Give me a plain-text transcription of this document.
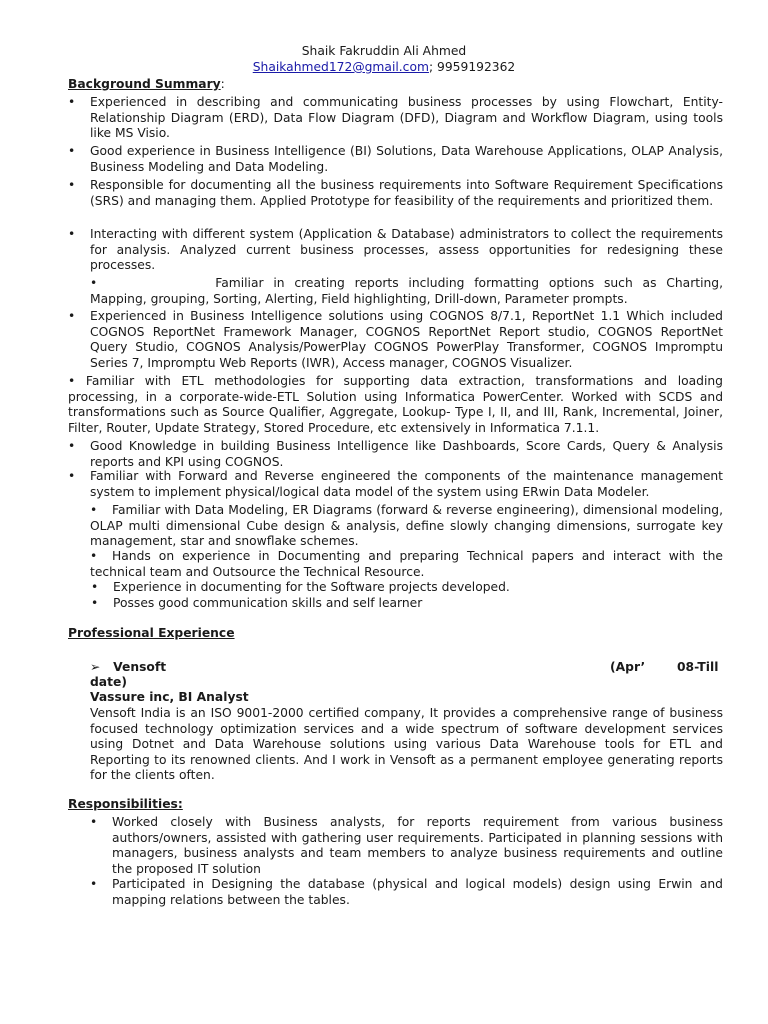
Shaik Fakruddin Ali Ahmed
Shaikahmed172@gmail.com; 9959192362
Background Summary:
•	Experienced in describing and communicating business processes by using Flowchart, Entity-Relationship Diagram (ERD), Data Flow Diagram (DFD), Diagram and Workflow Diagram, using tools like MS Visio.
•	Good experience in Business Intelligence (BI) Solutions, Data Warehouse Applications, OLAP Analysis, Business Modeling and Data Modeling.
•	Responsible for documenting all the business requirements into Software Requirement Specifications (SRS) and managing them. Applied Prototype for feasibility of the requirements and prioritized them.
•	Interacting with different system (Application & Database) administrators to collect the requirements for analysis. Analyzed current business processes, assess opportunities for redesigning these processes.
•	Familiar in creating reports including formatting options such as Charting, Mapping, grouping, Sorting, Alerting, Field highlighting, Drill-down, Parameter prompts.
•	Experienced in Business Intelligence solutions using COGNOS 8/7.1, ReportNet 1.1 Which included COGNOS ReportNet Framework Manager, COGNOS ReportNet Report studio, COGNOS ReportNet Query Studio, COGNOS Analysis/PowerPlay COGNOS PowerPlay Transformer, COGNOS Impromptu Series 7, Impromptu Web Reports (IWR), Access manager, COGNOS Visualizer.
• Familiar with ETL methodologies for supporting data extraction, transformations and loading processing, in a corporate-wide-ETL Solution using Informatica PowerCenter. Worked with SCDS and transformations such as Source Qualifier, Aggregate, Lookup- Type I, II, and III, Rank, Incremental, Joiner, Filter, Router, Update Strategy, Stored Procedure, etc extensively in Informatica 7.1.1.
•	Good Knowledge in building Business Intelligence like Dashboards, Score Cards, Query & Analysis reports and KPI using COGNOS.
•	Familiar with Forward and Reverse engineered the components of the maintenance management system to implement physical/logical data model of the system using ERwin Data Modeler.
• Familiar with Data Modeling, ER Diagrams (forward & reverse engineering), dimensional modeling, OLAP multi dimensional Cube design & analysis, define slowly changing dimensions, surrogate key management, star and snowflake schemes.
• Hands on experience in Documenting and preparing Technical papers and interact with the technical team and Outsource the Technical Resource.
•	Experience in documenting for the Software projects developed.
•	Posses good communication skills and self learner
Professional Experience
➢ Vensoft	(Apr’	08-Till
date)
Vassure inc, BI Analyst
Vensoft India is an ISO 9001-2000 certified company, It provides a comprehensive range of business focused technology optimization services and a wide spectrum of software development services using Dotnet and Data Warehouse solutions using various Data Warehouse tools for ETL and Reporting to its renowned clients. And I work in Vensoft as a permanent employee generating reports for the clients often.
Responsibilities:
•	Worked closely with Business analysts, for reports requirement from various business authors/owners, assisted with gathering user requirements. Participated in planning sessions with managers, business analysts and team members to analyze business requirements and outline the proposed IT solution
•	Participated in Designing the database (physical and logical models) design using Erwin and mapping relations between the tables.
